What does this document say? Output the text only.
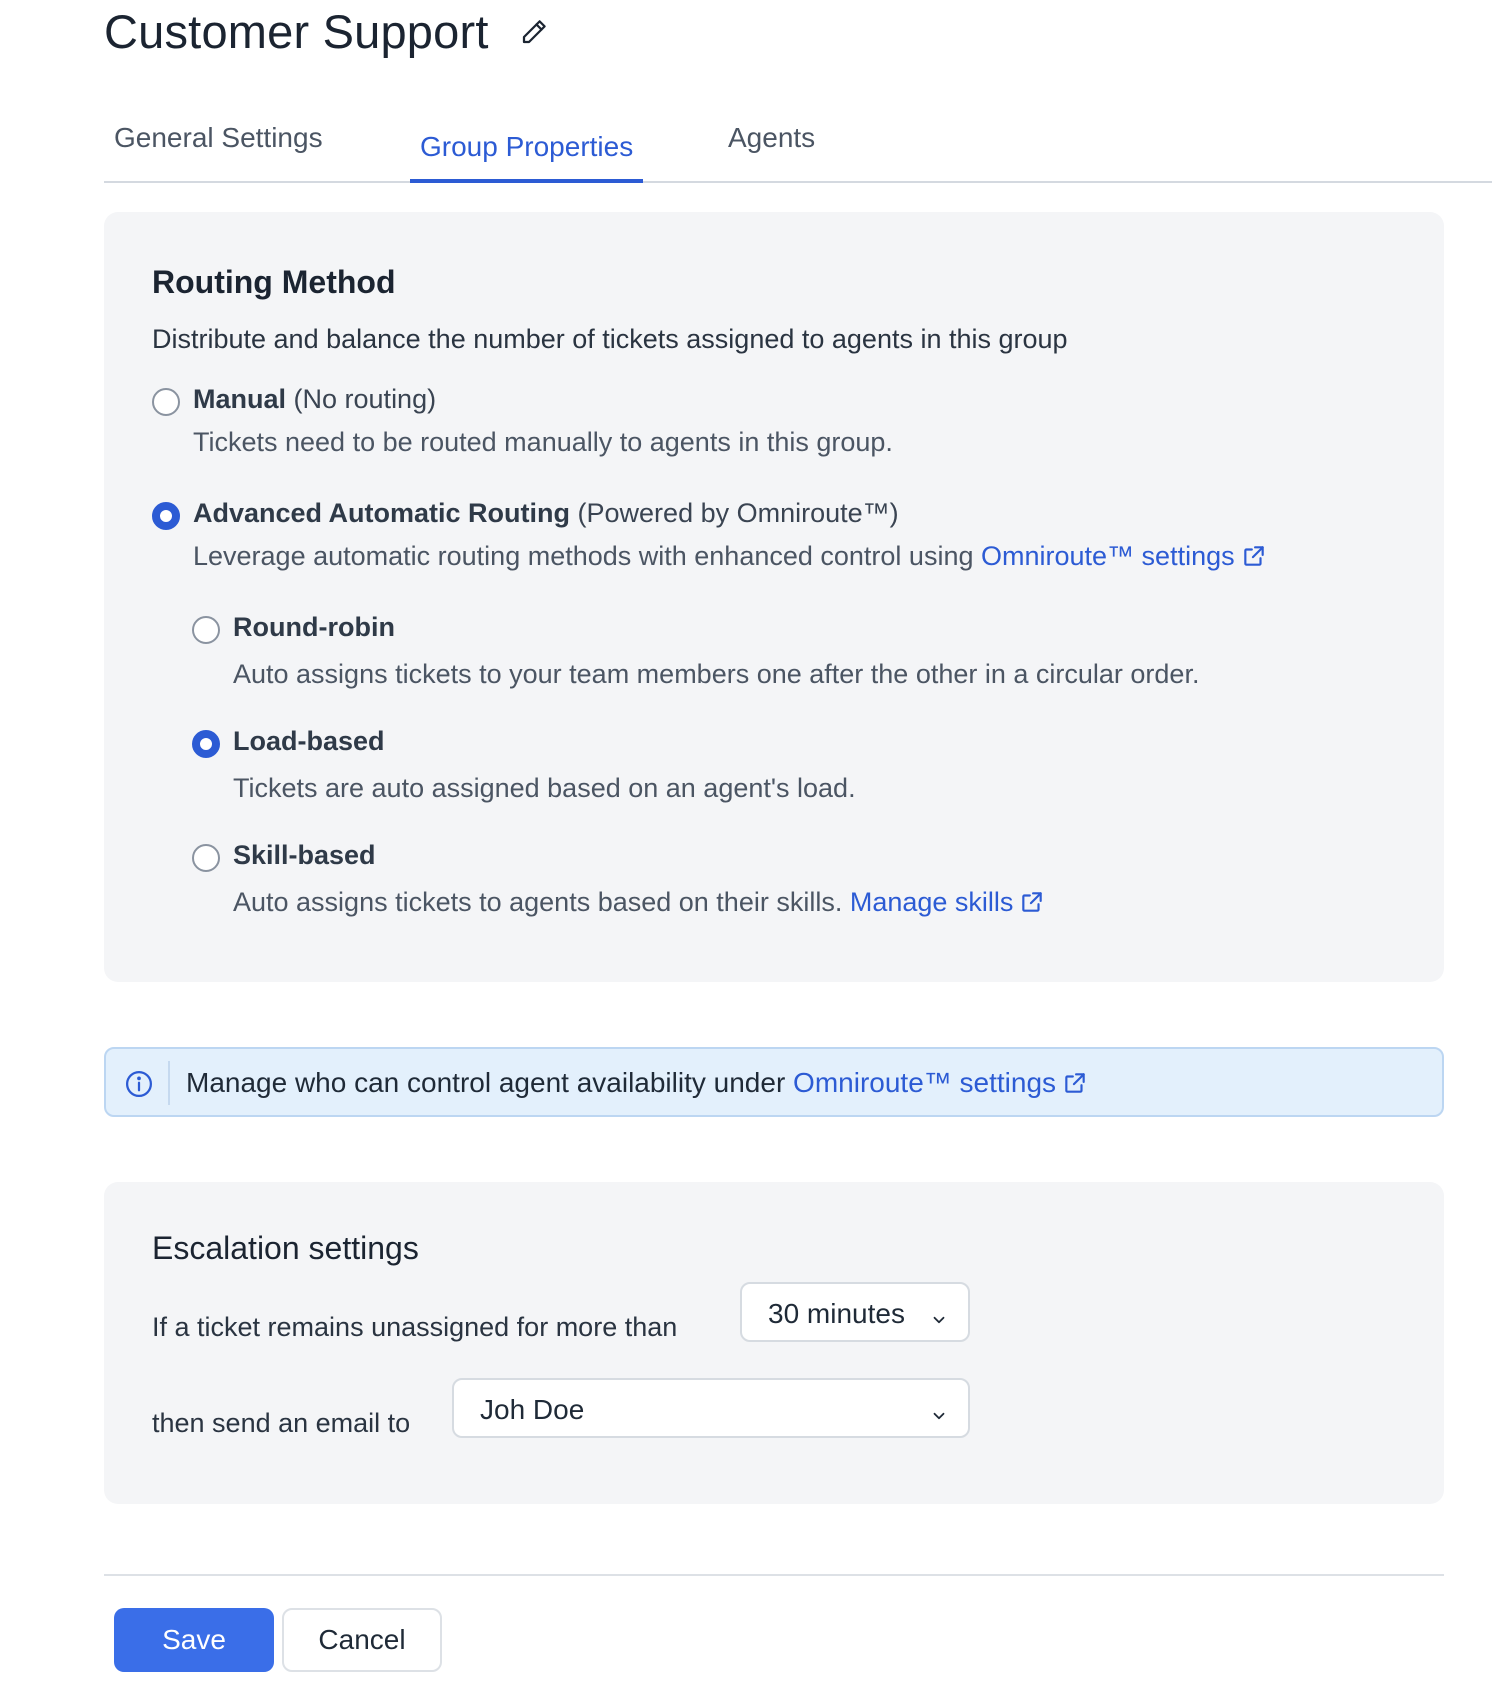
Customer Support
General Settings	Group Properties	Agents
Routing Method
Distribute and balance the number of tickets assigned to agents in this group
Manual (No routing)
Tickets need to be routed manually to agents in this group.
Advanced Automatic Routing (Powered by Omniroute™)
Leverage automatic routing methods with enhanced control using Omniroute™ settings
Round-robin
Auto assigns tickets to your team members one after the other in a circular order.
Load-based
Tickets are auto assigned based on an agent's load.
Skill-based
Auto assigns tickets to agents based on their skills. Manage skills
Manage who can control agent availability under Omniroute™ settings
Escalation settings
If a ticket remains unassigned for more than	30 minutes
then send an email to Joh Doe
Save	Cancel
